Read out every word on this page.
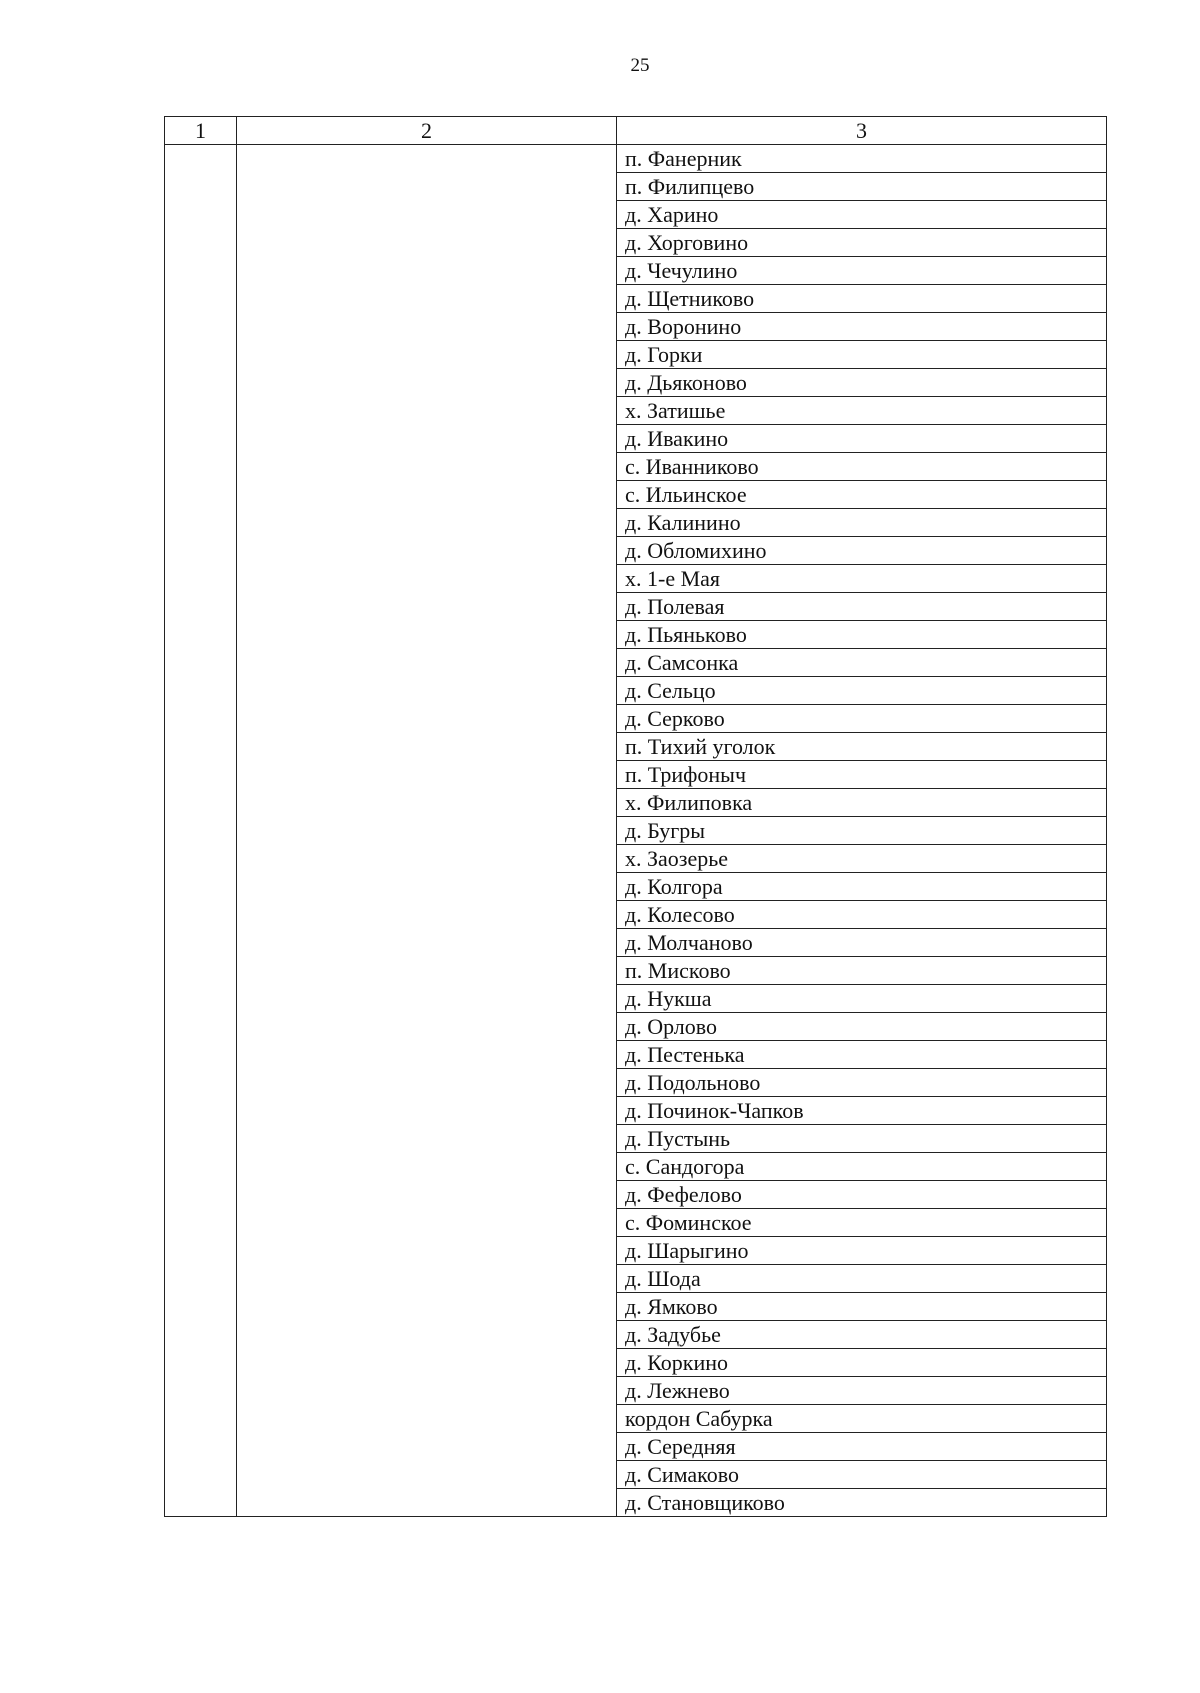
25
1	2	3
		п. Фанерник
		п. Филипцево
		д. Харино
		д. Хорговино
		д. Чечулино
		д. Щетниково
		д. Воронино
		д. Горки
		д. Дьяконово
		х. Затишье
		д. Ивакино
		с. Иванниково
		с. Ильинское
		д. Калинино
		д. Обломихино
		х. 1-е Мая
		д. Полевая
		д. Пьяньково
		д. Самсонка
		д. Сельцо
		д. Серково
		п. Тихий уголок
		п. Трифоныч
		х. Филиповка
		д. Бугры
		х. Заозерье
		д. Колгора
		д. Колесово
		д. Молчаново
		п. Мисково
		д. Нукша
		д. Орлово
		д. Пестенька
		д. Подольново
		д. Починок-Чапков
		д. Пустынь
		с. Сандогора
		д. Фефелово
		с. Фоминское
		д. Шарыгино
		д. Шода
		д. Ямково
		д. Задубье
		д. Коркино
		д. Лежнево
		кордон Сабурка
		д. Середняя
		д. Симаково
		д. Становщиково
